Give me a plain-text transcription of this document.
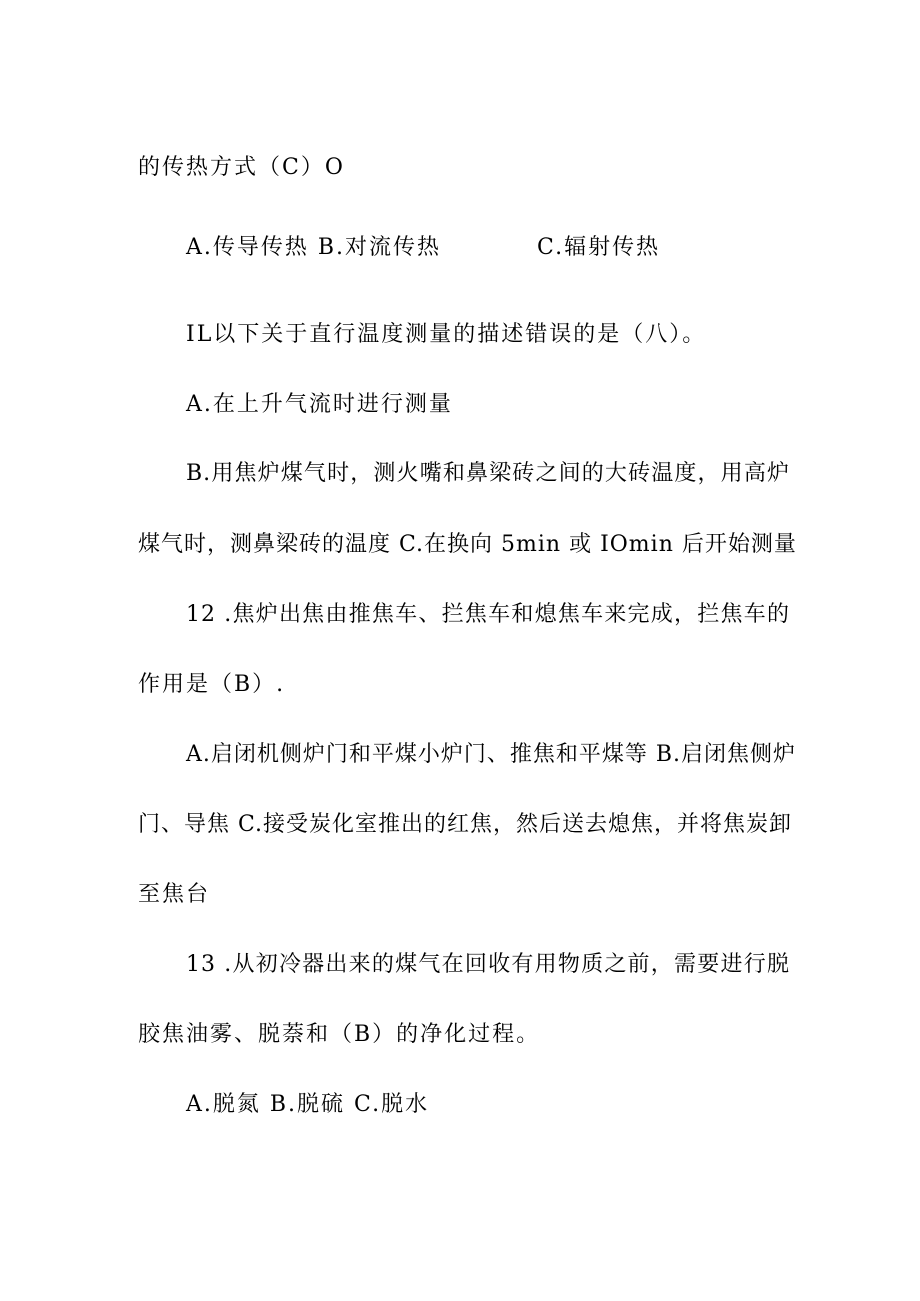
的传热方式（C）O
A.传导传热 B.对流传热	C.辐射传热
IL以下关于直行温度测量的描述错误的是（八）。
A.在上升气流时进行测量
B.用焦炉煤气时，测火嘴和鼻梁砖之间的大砖温度，用高炉
煤气时，测鼻梁砖的温度 C.在换向 5min 或 IOmin 后开始测量
12 .焦炉出焦由推焦车、拦焦车和熄焦车来完成，拦焦车的
作用是（B）.
A.启闭机侧炉门和平煤小炉门、推焦和平煤等 B.启闭焦侧炉
门、导焦 C.接受炭化室推出的红焦，然后送去熄焦，并将焦炭卸
至焦台
13 .从初冷器出来的煤气在回收有用物质之前，需要进行脱
胶焦油雾、脱萘和（B）的净化过程。
A.脱氮 B.脱硫 C.脱水
